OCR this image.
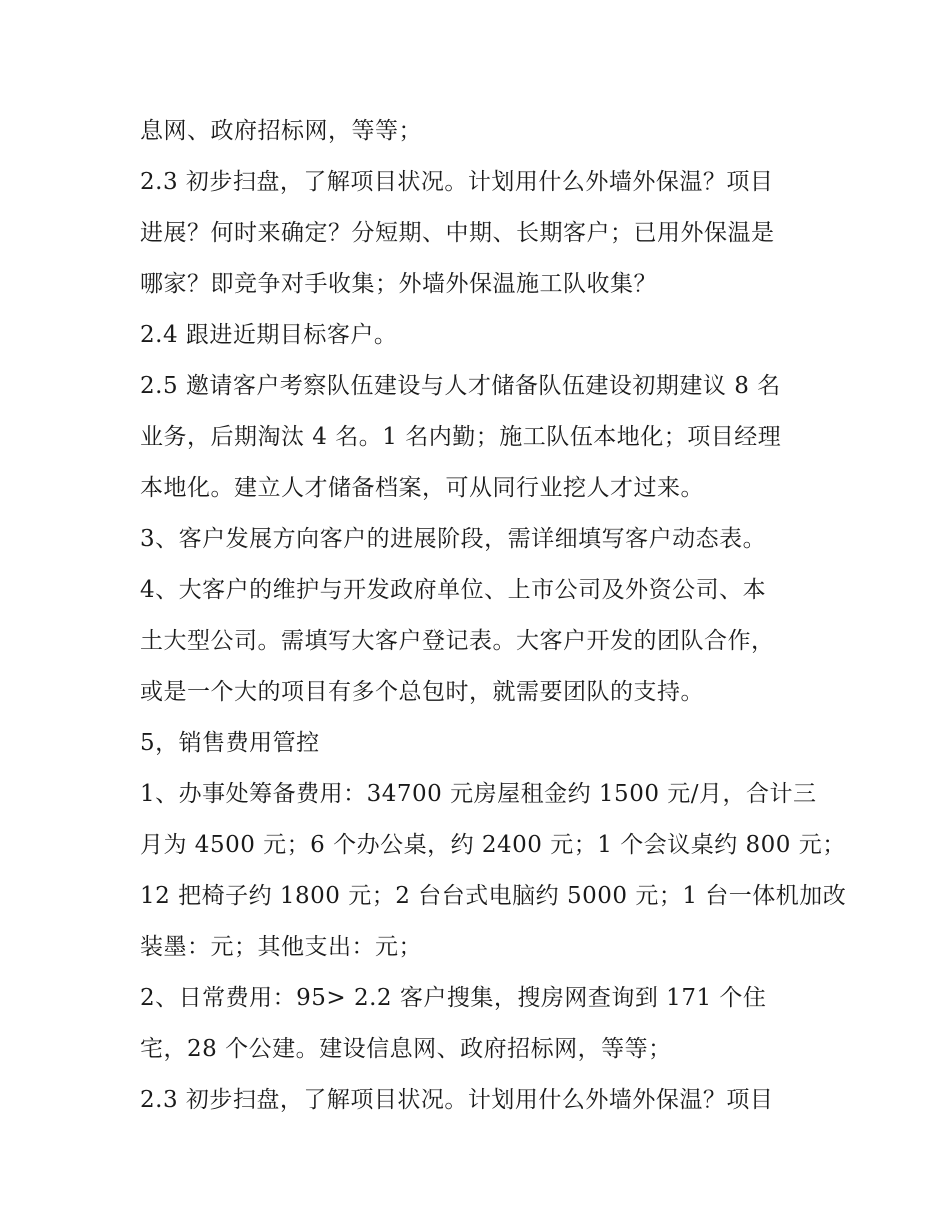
息网、政府招标网，等等；
2.3 初步扫盘，了解项目状况。计划用什么外墙外保温？项目
进展？何时来确定？分短期、中期、长期客户；已用外保温是
哪家？即竞争对手收集；外墙外保温施工队收集？
2.4 跟进近期目标客户。
2.5 邀请客户考察队伍建设与人才储备队伍建设初期建议 8 名
业务，后期淘汰 4 名。1 名内勤；施工队伍本地化；项目经理
本地化。建立人才储备档案，可从同行业挖人才过来。
3、客户发展方向客户的进展阶段，需详细填写客户动态表。
4、大客户的维护与开发政府单位、上市公司及外资公司、本
土大型公司。需填写大客户登记表。大客户开发的团队合作，
或是一个大的项目有多个总包时，就需要团队的支持。
5，销售费用管控
1、办事处筹备费用：34700 元房屋租金约 1500 元/月，合计三
月为 4500 元；6 个办公桌，约 2400 元；1 个会议桌约 800 元；
12 把椅子约 1800 元；2 台台式电脑约 5000 元；1 台一体机加改
装墨：元；其他支出：元；
2、日常费用：95> 2.2 客户搜集，搜房网查询到 171 个住
宅，28 个公建。建设信息网、政府招标网，等等；
2.3 初步扫盘，了解项目状况。计划用什么外墙外保温？项目
